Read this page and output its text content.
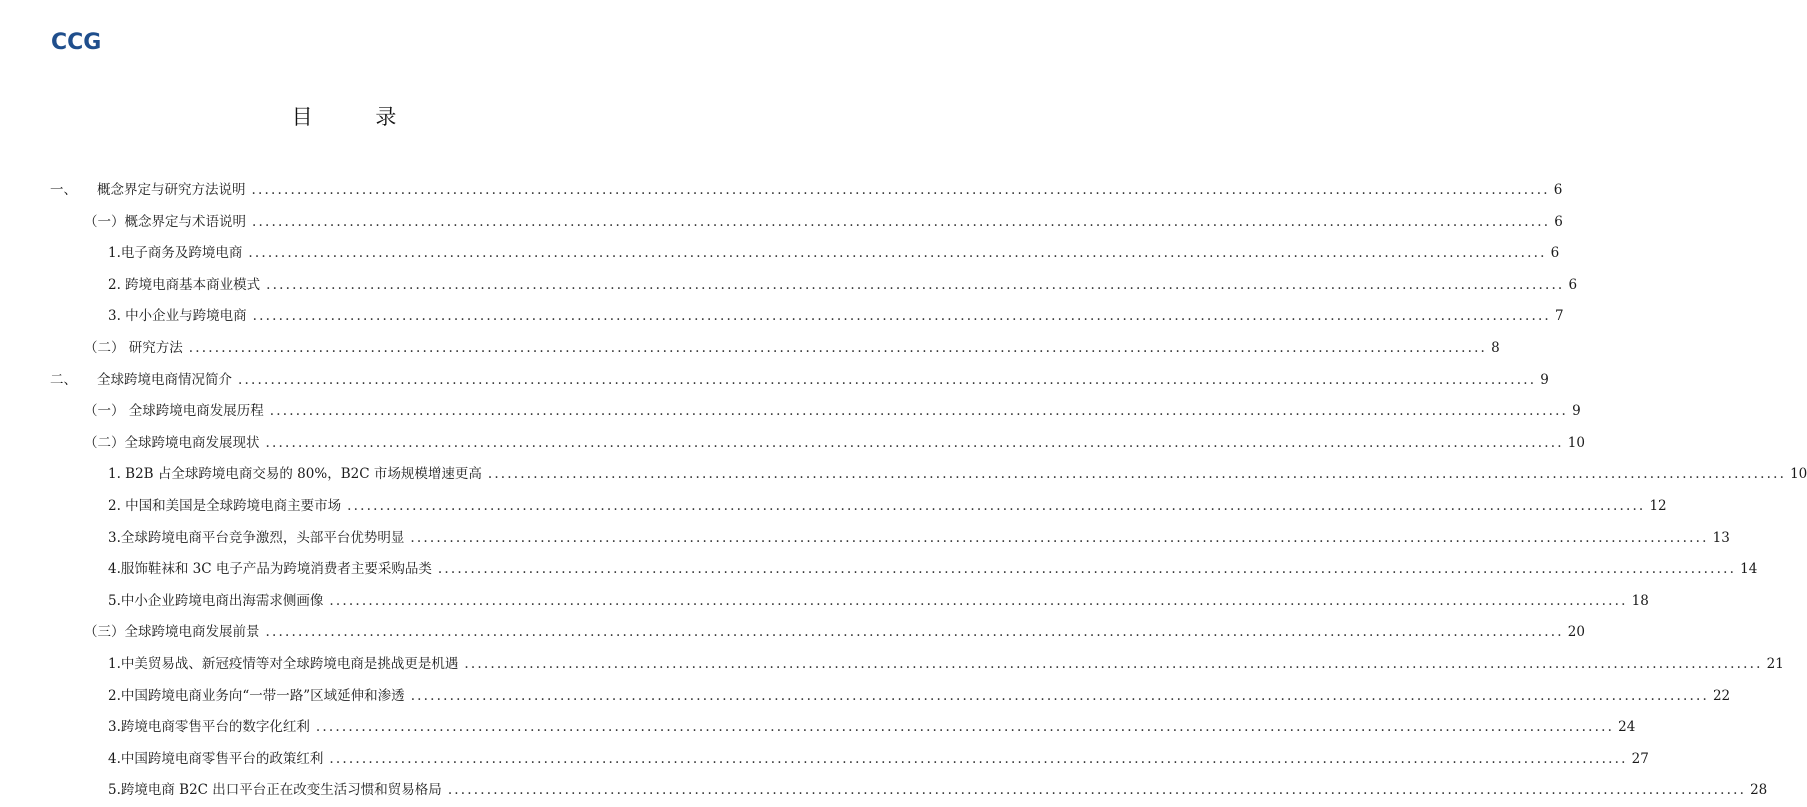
CCG
目 录
一、 概念界定与研究方法说明 ........................................................................................................................................................................................................ 6
（一）概念界定与术语说明 ........................................................................................................................................................................................................ 6
1.电子商务及跨境电商 ........................................................................................................................................................................................................ 6
2. 跨境电商基本商业模式 ........................................................................................................................................................................................................ 6
3. 中小企业与跨境电商 ........................................................................................................................................................................................................ 7
（二） 研究方法 ........................................................................................................................................................................................................ 8
二、 全球跨境电商情况简介 ........................................................................................................................................................................................................ 9
（一） 全球跨境电商发展历程 ........................................................................................................................................................................................................ 9
（二）全球跨境电商发展现状 ........................................................................................................................................................................................................ 10
1. B2B 占全球跨境电商交易的 80%，B2C 市场规模增速更高 ........................................................................................................................................................................................................ 10
2. 中国和美国是全球跨境电商主要市场 ........................................................................................................................................................................................................ 12
3.全球跨境电商平台竞争激烈，头部平台优势明显 ........................................................................................................................................................................................................ 13
4.服饰鞋袜和 3C 电子产品为跨境消费者主要采购品类 ........................................................................................................................................................................................................ 14
5.中小企业跨境电商出海需求侧画像 ........................................................................................................................................................................................................ 18
（三）全球跨境电商发展前景 ........................................................................................................................................................................................................ 20
1.中美贸易战、新冠疫情等对全球跨境电商是挑战更是机遇 ........................................................................................................................................................................................................ 21
2.中国跨境电商业务向“一带一路”区域延伸和渗透 ........................................................................................................................................................................................................ 22
3.跨境电商零售平台的数字化红利 ........................................................................................................................................................................................................ 24
4.中国跨境电商零售平台的政策红利 ........................................................................................................................................................................................................ 27
5.跨境电商 B2C 出口平台正在改变生活习惯和贸易格局 ........................................................................................................................................................................................................ 28
